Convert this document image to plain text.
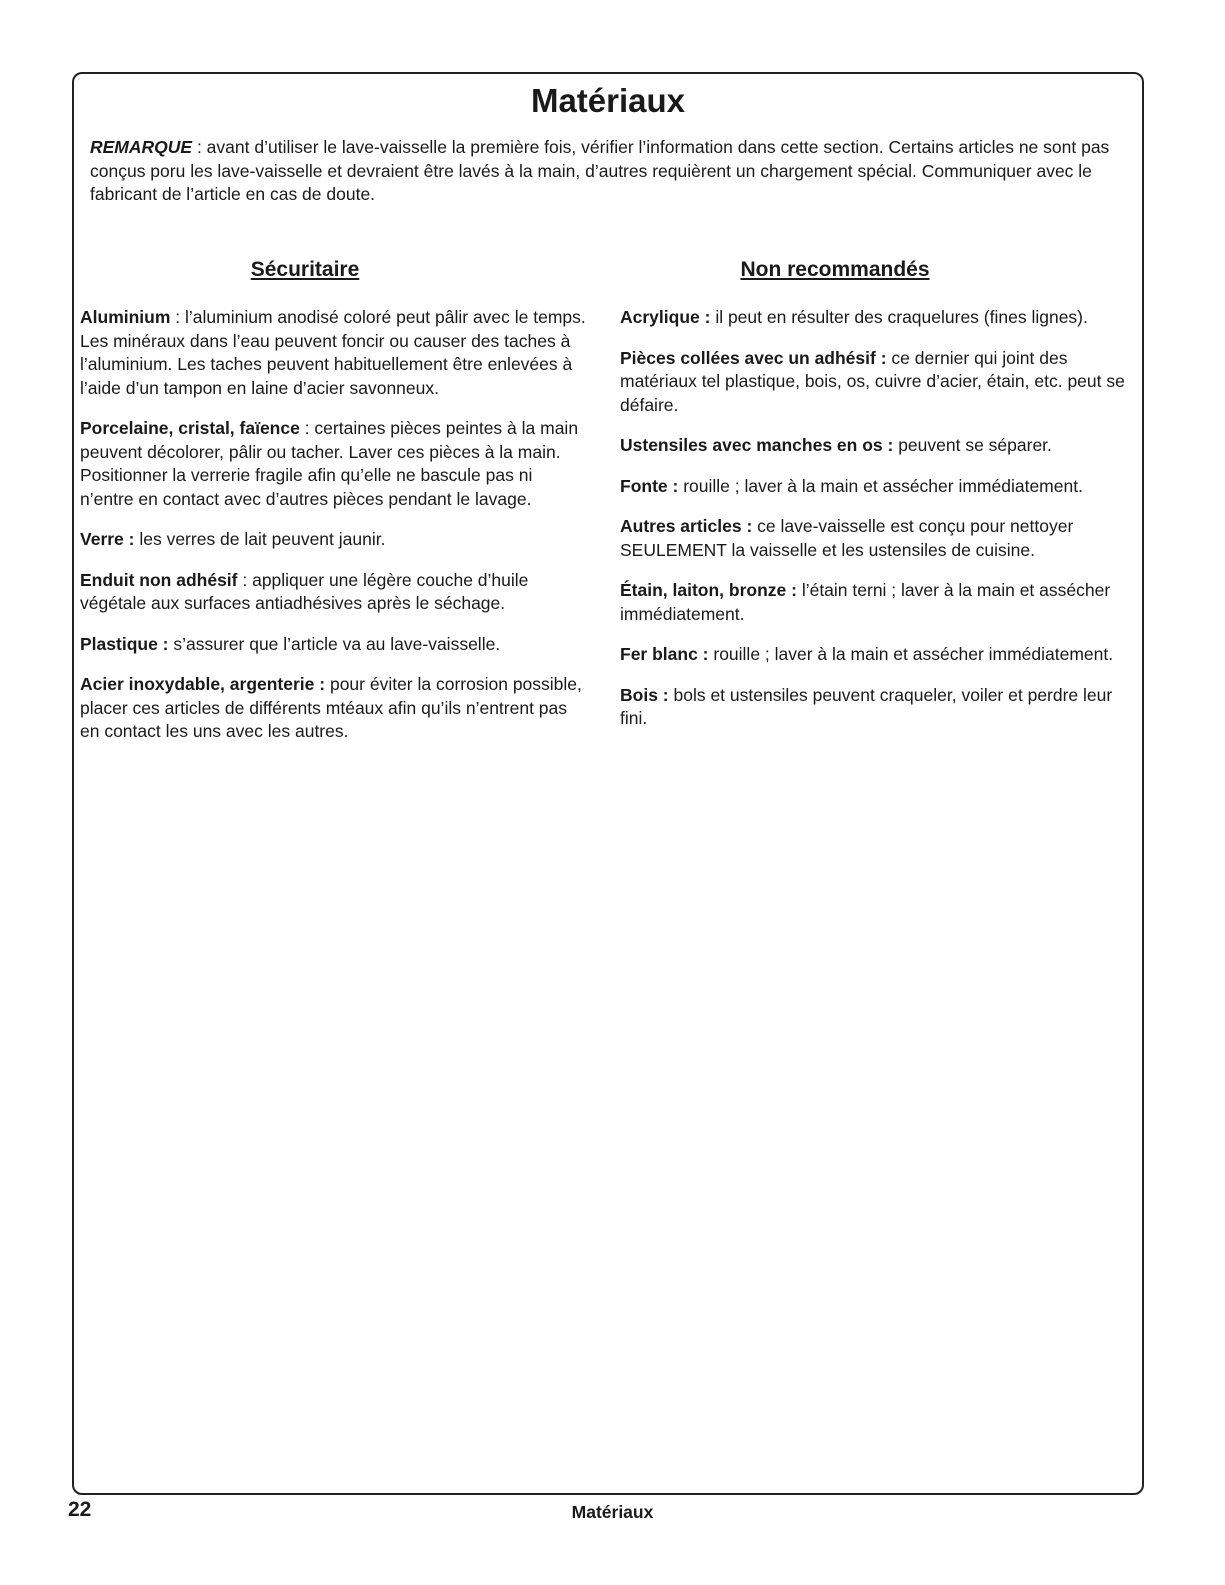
Matériaux

REMARQUE : avant d’utiliser le lave-vaisselle la première fois, vérifier l’information dans cette section. Certains articles ne sont pas conçus poru les lave-vaisselle et devraient être lavés à la main, d’autres requièrent un chargement spécial. Communiquer avec le fabricant de l’article en cas de doute.

Sécuritaire

Aluminium : l’aluminium anodisé coloré peut pâlir avec le temps. Les minéraux dans l’eau peuvent foncir ou causer des taches à l’aluminium. Les taches peuvent habituellement être enlevées à l’aide d’un tampon en laine d’acier savonneux.

Porcelaine, cristal, faïence : certaines pièces peintes à la main peuvent décolorer, pâlir ou tacher. Laver ces pièces à la main. Positionner la verrerie fragile afin qu’elle ne bascule pas ni n’entre en contact avec d’autres pièces pendant le lavage.

Verre : les verres de lait peuvent jaunir.

Enduit non adhésif : appliquer une légère couche d’huile végétale aux surfaces antiadhésives après le séchage.

Plastique : s’assurer que l’article va au lave-vaisselle.

Acier inoxydable, argenterie : pour éviter la corrosion possible, placer ces articles de différents mtéaux afin qu’ils n’entrent pas en contact les uns avec les autres.

Non recommandés

Acrylique : il peut en résulter des craquelures (fines lignes).

Pièces collées avec un adhésif : ce dernier qui joint des matériaux tel plastique, bois, os, cuivre d’acier, étain, etc. peut se défaire.

Ustensiles avec manches en os : peuvent se séparer.

Fonte : rouille ; laver à la main et assécher immédiatement.

Autres articles : ce lave-vaisselle est conçu pour nettoyer SEULEMENT la vaisselle et les ustensiles de cuisine.

Étain, laiton, bronze : l’étain terni ; laver à la main et assécher immédiatement.

Fer blanc : rouille ; laver à la main et assécher immédiatement.

Bois : bols et ustensiles peuvent craqueler, voiler et perdre leur fini.

22	Matériaux
